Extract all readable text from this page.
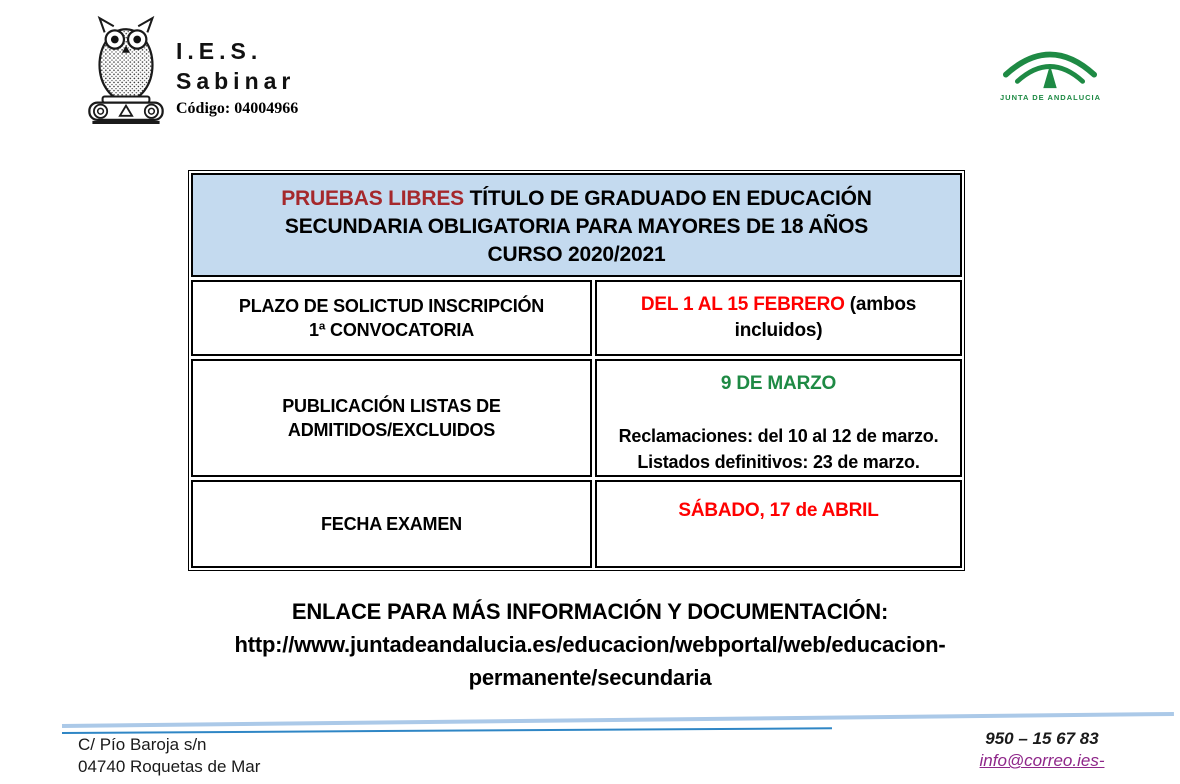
I.E.S.
Sabinar
Código: 04004966
JUNTA DE ANDALUCIA
PRUEBAS LIBRES TÍTULO DE GRADUADO EN EDUCACIÓN
SECUNDARIA OBLIGATORIA PARA MAYORES DE 18 AÑOS
CURSO 2020/2021
PLAZO DE SOLICTUD INSCRIPCIÓN
1ª CONVOCATORIA
DEL 1 AL 15 FEBRERO (ambos incluidos)
PUBLICACIÓN LISTAS DE
ADMITIDOS/EXCLUIDOS
9 DE MARZO
Reclamaciones: del 10 al 12 de marzo.
Listados definitivos: 23 de marzo.
FECHA EXAMEN
SÁBADO, 17 de ABRIL
ENLACE PARA MÁS INFORMACIÓN Y DOCUMENTACIÓN:
http://www.juntadeandalucia.es/educacion/webportal/web/educacion-
permanente/secundaria
C/ Pío Baroja s/n
04740 Roquetas de Mar
950 – 15 67 83
info@correo.ies-
